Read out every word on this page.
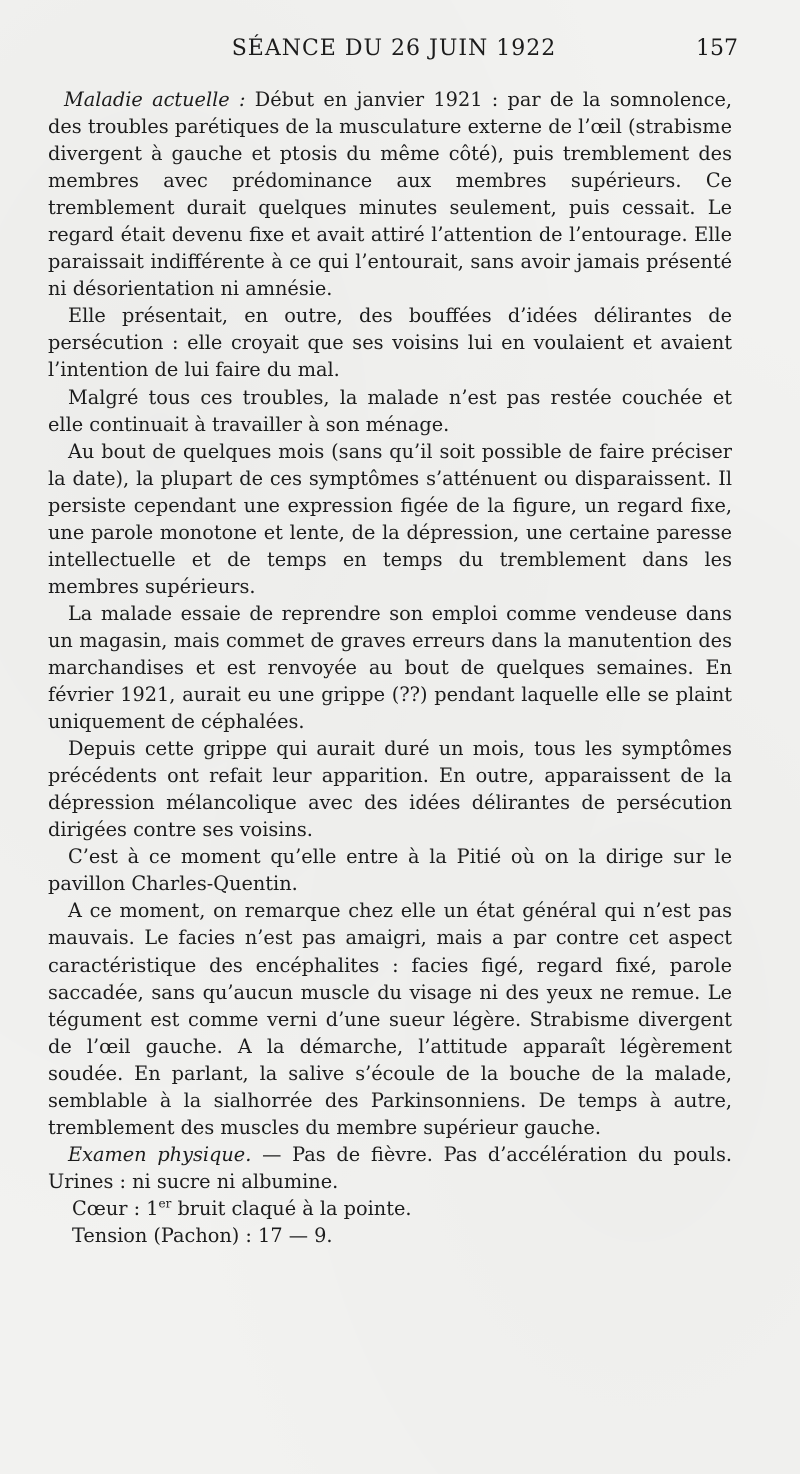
SÉANCE DU 26 JUIN 1922	157

Maladie actuelle : Début en janvier 1921 : par de la somnolence, des troubles parétiques de la musculature externe de l’œil (strabisme divergent à gauche et ptosis du même côté), puis tremblement des membres avec prédominance aux membres supérieurs. Ce tremblement durait quelques minutes seulement, puis cessait. Le regard était devenu fixe et avait attiré l’attention de l’entourage. Elle paraissait indifférente à ce qui l’entourait, sans avoir jamais présenté ni désorientation ni amnésie.

Elle présentait, en outre, des bouffées d’idées délirantes de persécution : elle croyait que ses voisins lui en voulaient et avaient l’intention de lui faire du mal.

Malgré tous ces troubles, la malade n’est pas restée couchée et elle continuait à travailler à son ménage.

Au bout de quelques mois (sans qu’il soit possible de faire préciser la date), la plupart de ces symptômes s’atténuent ou disparaissent. Il persiste cependant une expression figée de la figure, un regard fixe, une parole monotone et lente, de la dépression, une certaine paresse intellectuelle et de temps en temps du tremblement dans les membres supérieurs.

La malade essaie de reprendre son emploi comme vendeuse dans un magasin, mais commet de graves erreurs dans la manutention des marchandises et est renvoyée au bout de quelques semaines. En février 1921, aurait eu une grippe (??) pendant laquelle elle se plaint uniquement de céphalées.

Depuis cette grippe qui aurait duré un mois, tous les symptômes précédents ont refait leur apparition. En outre, apparaissent de la dépression mélancolique avec des idées délirantes de persécution dirigées contre ses voisins.

C’est à ce moment qu’elle entre à la Pitié où on la dirige sur le pavillon Charles-Quentin.

A ce moment, on remarque chez elle un état général qui n’est pas mauvais. Le facies n’est pas amaigri, mais a par contre cet aspect caractéristique des encéphalites : facies figé, regard fixé, parole saccadée, sans qu’aucun muscle du visage ni des yeux ne remue. Le tégument est comme verni d’une sueur légère. Strabisme divergent de l’œil gauche. A la démarche, l’attitude apparaît légèrement soudée. En parlant, la salive s’écoule de la bouche de la malade, semblable à la sialhorrée des Parkinsonniens. De temps à autre, tremblement des muscles du membre supérieur gauche.

Examen physique. — Pas de fièvre. Pas d’accélération du pouls. Urines : ni sucre ni albumine.

Cœur : 1er bruit claqué à la pointe.
Tension (Pachon) : 17 — 9.
